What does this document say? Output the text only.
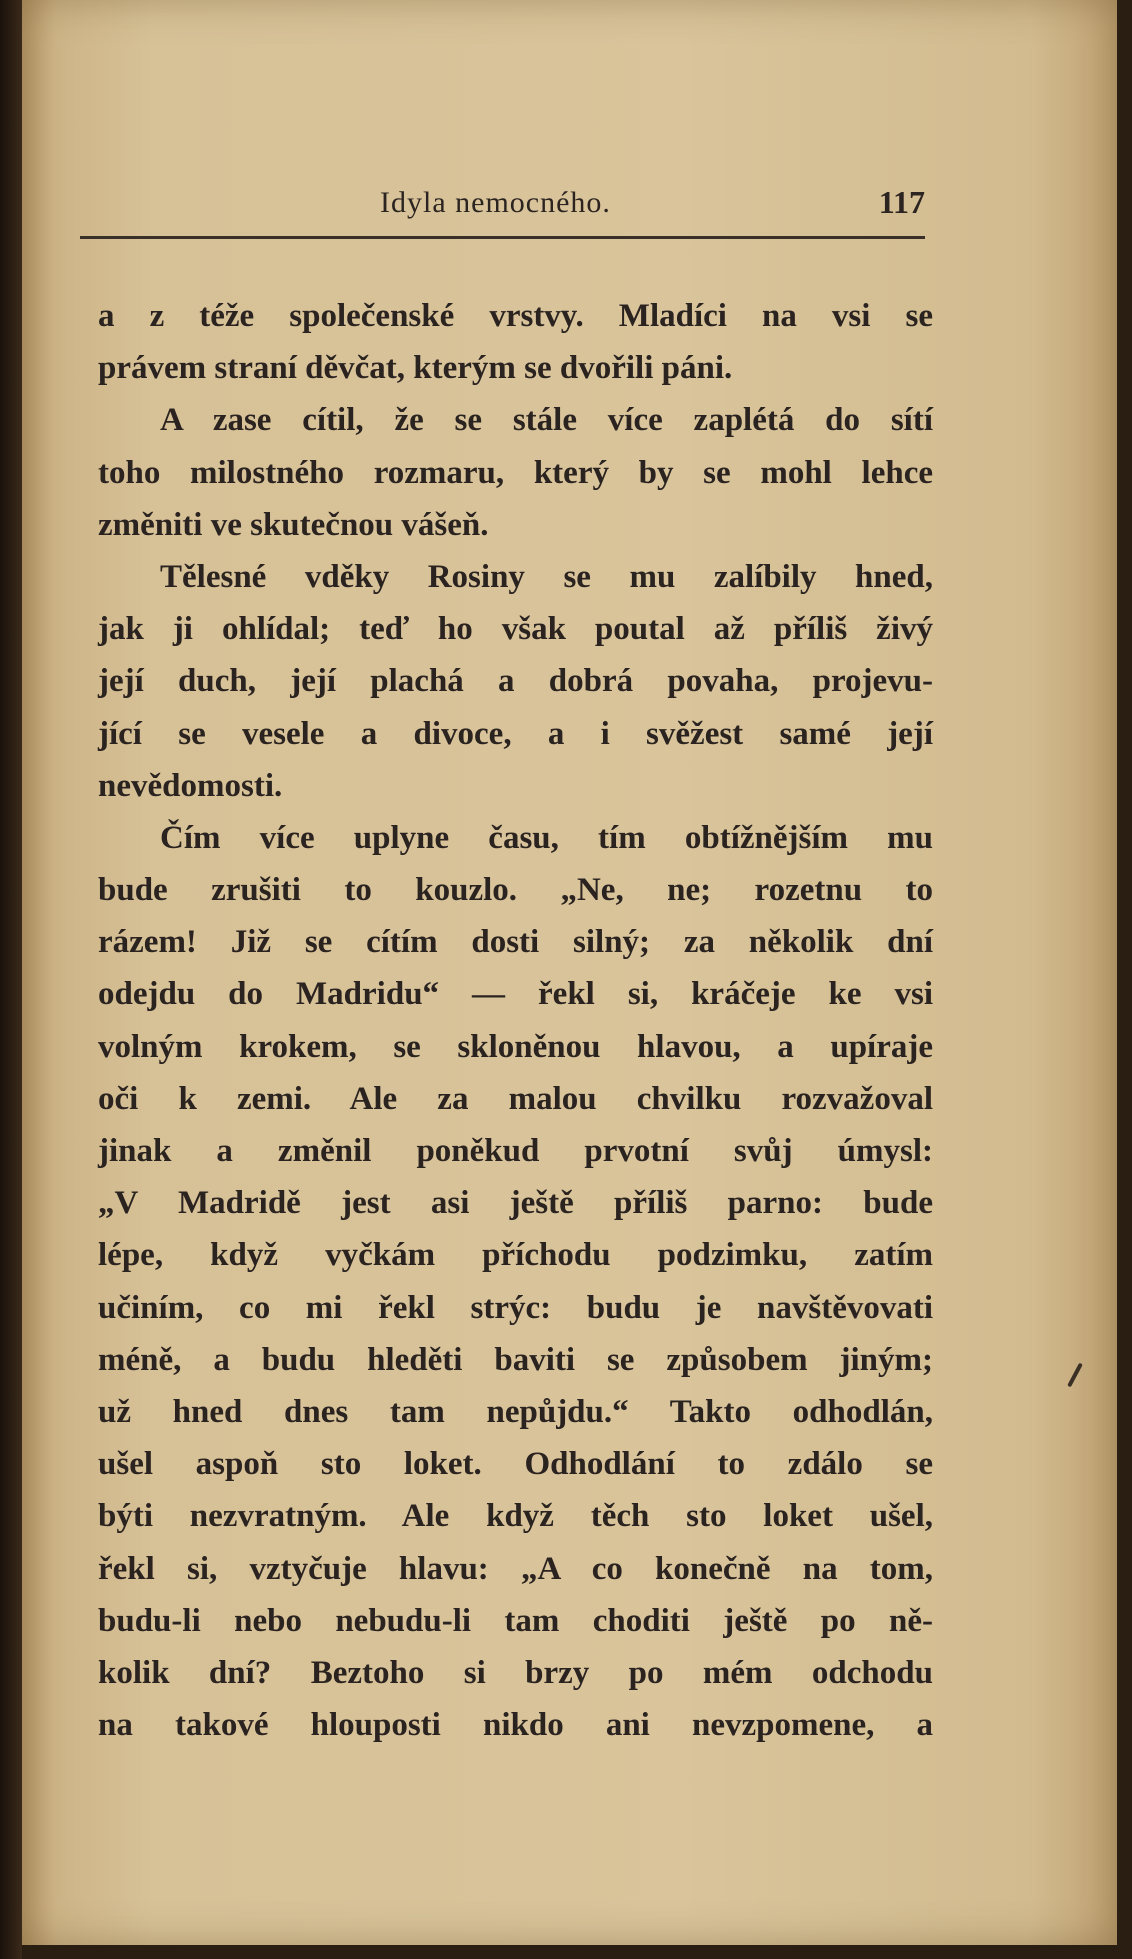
Idyla nemocného.	117
a z téže společenské vrstvy. Mladíci na vsi se
právem straní děvčat, kterým se dvořili páni.
A zase cítil, že se stále více zaplétá do sítí
toho milostného rozmaru, který by se mohl lehce
změniti ve skutečnou vášeň.
Tělesné vděky Rosiny se mu zalíbily hned,
jak ji ohlídal; teď ho však poutal až příliš živý
její duch, její plachá a dobrá povaha, projevu-
jící se vesele a divoce, a i svěžest samé její
nevědomosti.
Čím více uplyne času, tím obtížnějším mu
bude zrušiti to kouzlo. „Ne, ne; rozetnu to
rázem! Již se cítím dosti silný; za několik dní
odejdu do Madridu“ — řekl si, kráčeje ke vsi
volným krokem, se skloněnou hlavou, a upíraje
oči k zemi. Ale za malou chvilku rozvažoval
jinak a změnil poněkud prvotní svůj úmysl:
„V Madridě jest asi ještě příliš parno: bude
lépe, když vyčkám příchodu podzimku, zatím
učiním, co mi řekl strýc: budu je navštěvovati
méně, a budu hleděti baviti se způsobem jiným;
už hned dnes tam nepůjdu.“ Takto odhodlán,
ušel aspoň sto loket. Odhodlání to zdálo se
býti nezvratným. Ale když těch sto loket ušel,
řekl si, vztyčuje hlavu: „A co konečně na tom,
budu-li nebo nebudu-li tam choditi ještě po ně-
kolik dní? Beztoho si brzy po mém odchodu
na takové hlouposti nikdo ani nevzpomene, a
